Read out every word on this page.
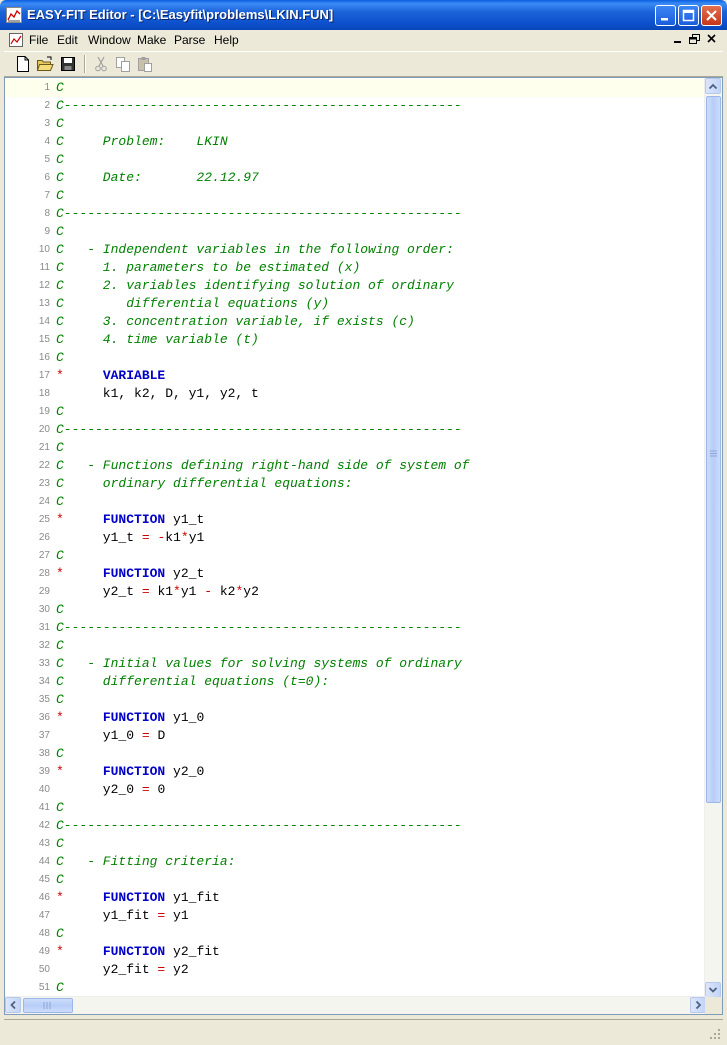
EASY-FIT Editor - [C:\Easyfit\problems\LKIN.FUN]
File Edit Window Make Parse Help
1 C
2 C---------------------------------------------------
3 C
4 C     Problem:    LKIN
5 C
6 C     Date:       22.12.97
7 C
8 C---------------------------------------------------
9 C
10 C   - Independent variables in the following order:
11 C     1. parameters to be estimated (x)
12 C     2. variables identifying solution of ordinary
13 C        differential equations (y)
14 C     3. concentration variable, if exists (c)
15 C     4. time variable (t)
16 C
17 *	VARIABLE
18 k1, k2, D, y1, y2, t
19 C
20 C---------------------------------------------------
21 C
22 C   - Functions defining right-hand side of system of
23 C     ordinary differential equations:
24 C
25 *	FUNCTION y1_t
26 y1_t = -k1*y1
27 C
28 *	FUNCTION y2_t
29 y2_t = k1*y1 - k2*y2
30 C
31 C---------------------------------------------------
32 C
33 C   - Initial values for solving systems of ordinary
34 C     differential equations (t=0):
35 C
36 *	FUNCTION y1_0
37 y1_0 = D
38 C
39 *	FUNCTION y2_0
40 y2_0 = 0
41 C
42 C---------------------------------------------------
43 C
44 C   - Fitting criteria:
45 C
46 *	FUNCTION y1_fit
47 y1_fit = y1
48 C
49 *	FUNCTION y2_fit
50 y2_fit = y2
51 C
